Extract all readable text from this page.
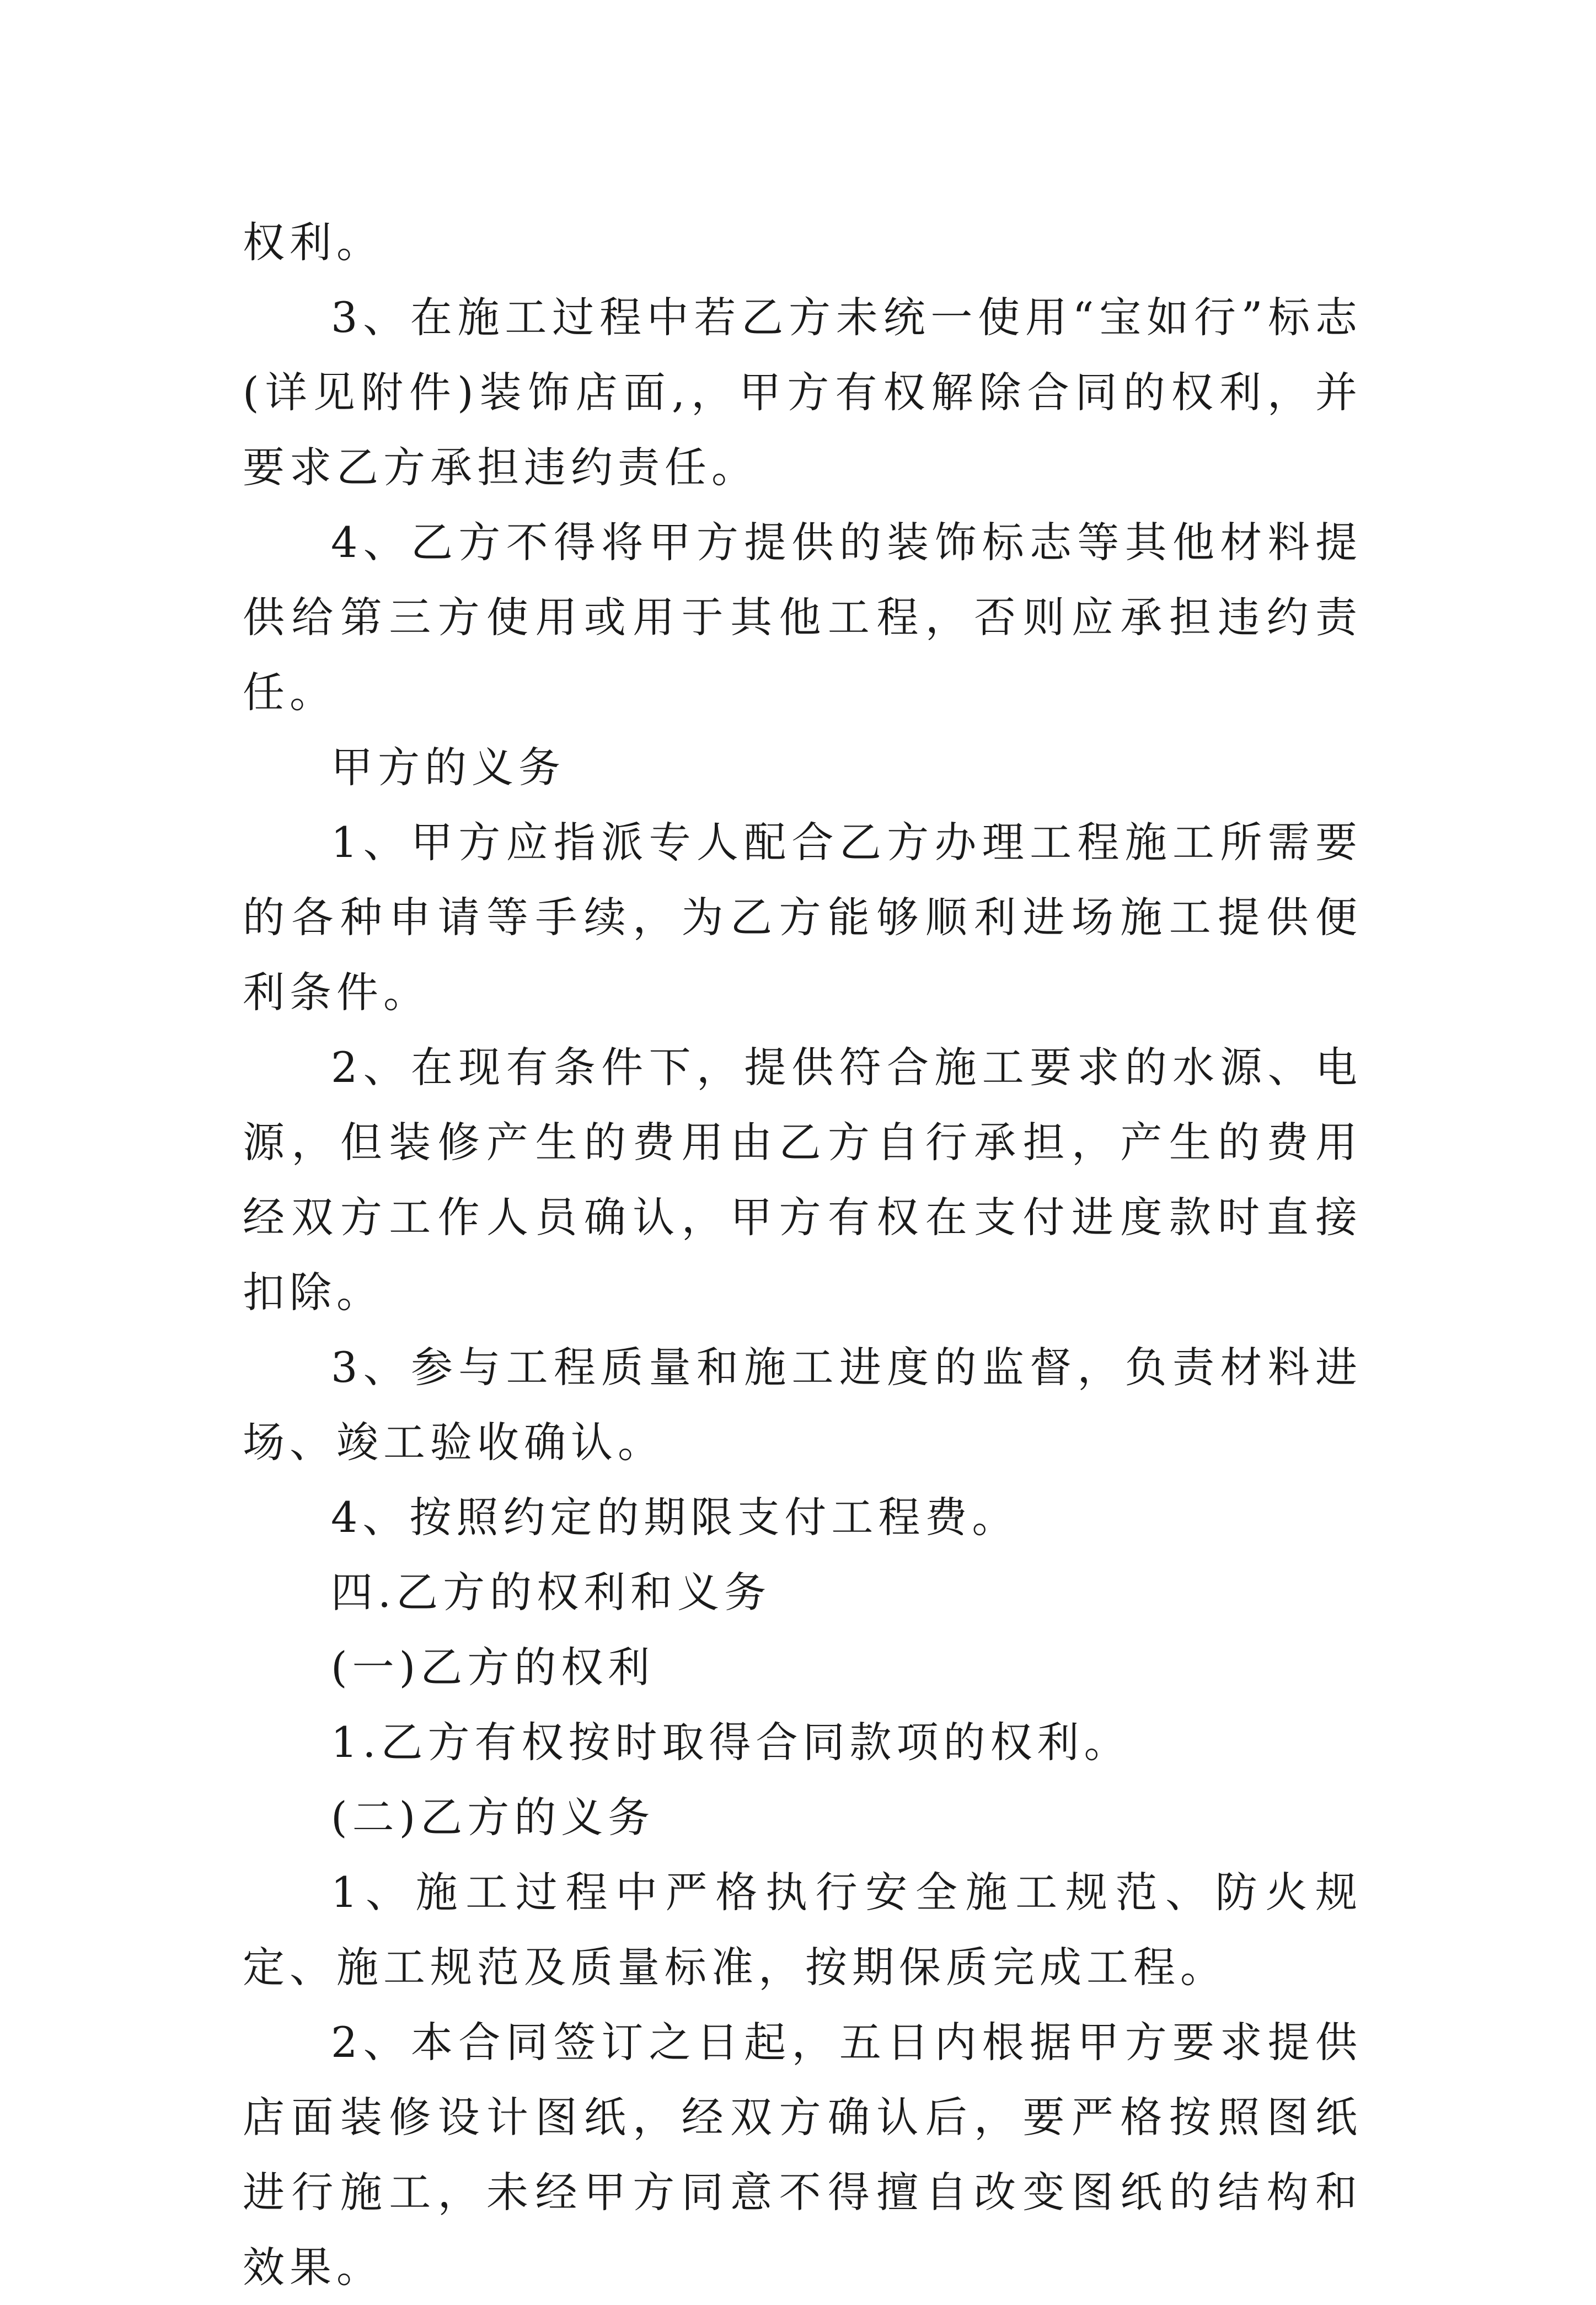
权利。

3、在施工过程中若乙方未统一使用“宝如行”标志(详见附件)装饰店面,，甲方有权解除合同的权利，并要求乙方承担违约责任。

4、乙方不得将甲方提供的装饰标志等其他材料提供给第三方使用或用于其他工程，否则应承担违约责任。

甲方的义务

1、甲方应指派专人配合乙方办理工程施工所需要的各种申请等手续，为乙方能够顺利进场施工提供便利条件。

2、在现有条件下，提供符合施工要求的水源、电源，但装修产生的费用由乙方自行承担，产生的费用经双方工作人员确认，甲方有权在支付进度款时直接扣除。

3、参与工程质量和施工进度的监督，负责材料进场、竣工验收确认。

4、按照约定的期限支付工程费。

四.乙方的权利和义务

(一)乙方的权利

1.乙方有权按时取得合同款项的权利。

(二)乙方的义务

1、施工过程中严格执行安全施工规范、防火规定、施工规范及质量标准，按期保质完成工程。

2、本合同签订之日起，五日内根据甲方要求提供店面装修设计图纸，经双方确认后，要严格按照图纸进行施工，未经甲方同意不得擅自改变图纸的结构和效果。
